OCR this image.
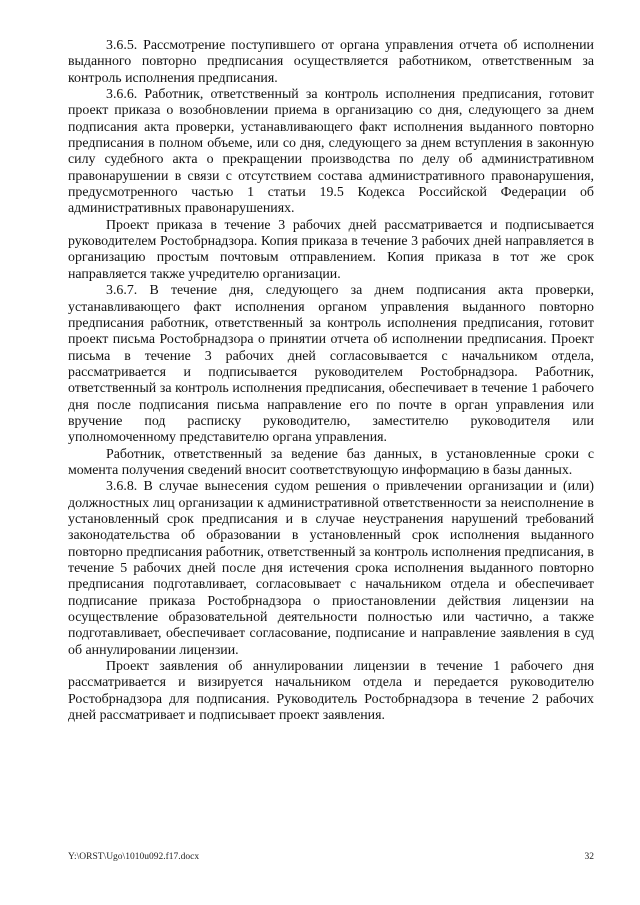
3.6.5. Рассмотрение поступившего от органа управления отчета об исполнении выданного повторно предписания осуществляется работником, ответственным за контроль исполнения предписания.

3.6.6. Работник, ответственный за контроль исполнения предписания, готовит проект приказа о возобновлении приема в организацию со дня, следующего за днем подписания акта проверки, устанавливающего факт исполнения выданного повторно предписания в полном объеме, или со дня, следующего за днем вступления в законную силу судебного акта о прекращении производства по делу об административном правонарушении в связи с отсутствием состава административного правонарушения, предусмотренного частью 1 статьи 19.5 Кодекса Российской Федерации об административных правонарушениях.

Проект приказа в течение 3 рабочих дней рассматривается и подписывается руководителем Ростобрнадзора. Копия приказа в течение 3 рабочих дней направляется в организацию простым почтовым отправлением. Копия приказа в тот же срок направляется также учредителю организации.

3.6.7. В течение дня, следующего за днем подписания акта проверки, устанавливающего факт исполнения органом управления выданного повторно предписания работник, ответственный за контроль исполнения предписания, готовит проект письма Ростобрнадзора о принятии отчета об исполнении предписания. Проект письма в течение 3 рабочих дней согласовывается с начальником отдела, рассматривается и подписывается руководителем Ростобрнадзора. Работник, ответственный за контроль исполнения предписания, обеспечивает в течение 1 рабочего дня после подписания письма направление его по почте в орган управления или вручение под расписку руководителю, заместителю руководителя или уполномоченному представителю органа управления.

Работник, ответственный за ведение баз данных, в установленные сроки с момента получения сведений вносит соответствующую информацию в базы данных.

3.6.8. В случае вынесения судом решения о привлечении организации и (или) должностных лиц организации к административной ответственности за неисполнение в установленный срок предписания и в случае неустранения нарушений требований законодательства об образовании в установленный срок исполнения выданного повторно предписания работник, ответственный за контроль исполнения предписания, в течение 5 рабочих дней после дня истечения срока исполнения выданного повторно предписания подготавливает, согласовывает с начальником отдела и обеспечивает подписание приказа Ростобрнадзора о приостановлении действия лицензии на осуществление образовательной деятельности полностью или частично, а также подготавливает, обеспечивает согласование, подписание и направление заявления в суд об аннулировании лицензии.

Проект заявления об аннулировании лицензии в течение 1 рабочего дня рассматривается и визируется начальником отдела и передается руководителю Ростобрнадзора для подписания. Руководитель Ростобрнадзора в течение 2 рабочих дней рассматривает и подписывает проект заявления.

Y:\ORST\Ugo\1010u092.f17.docx	32
